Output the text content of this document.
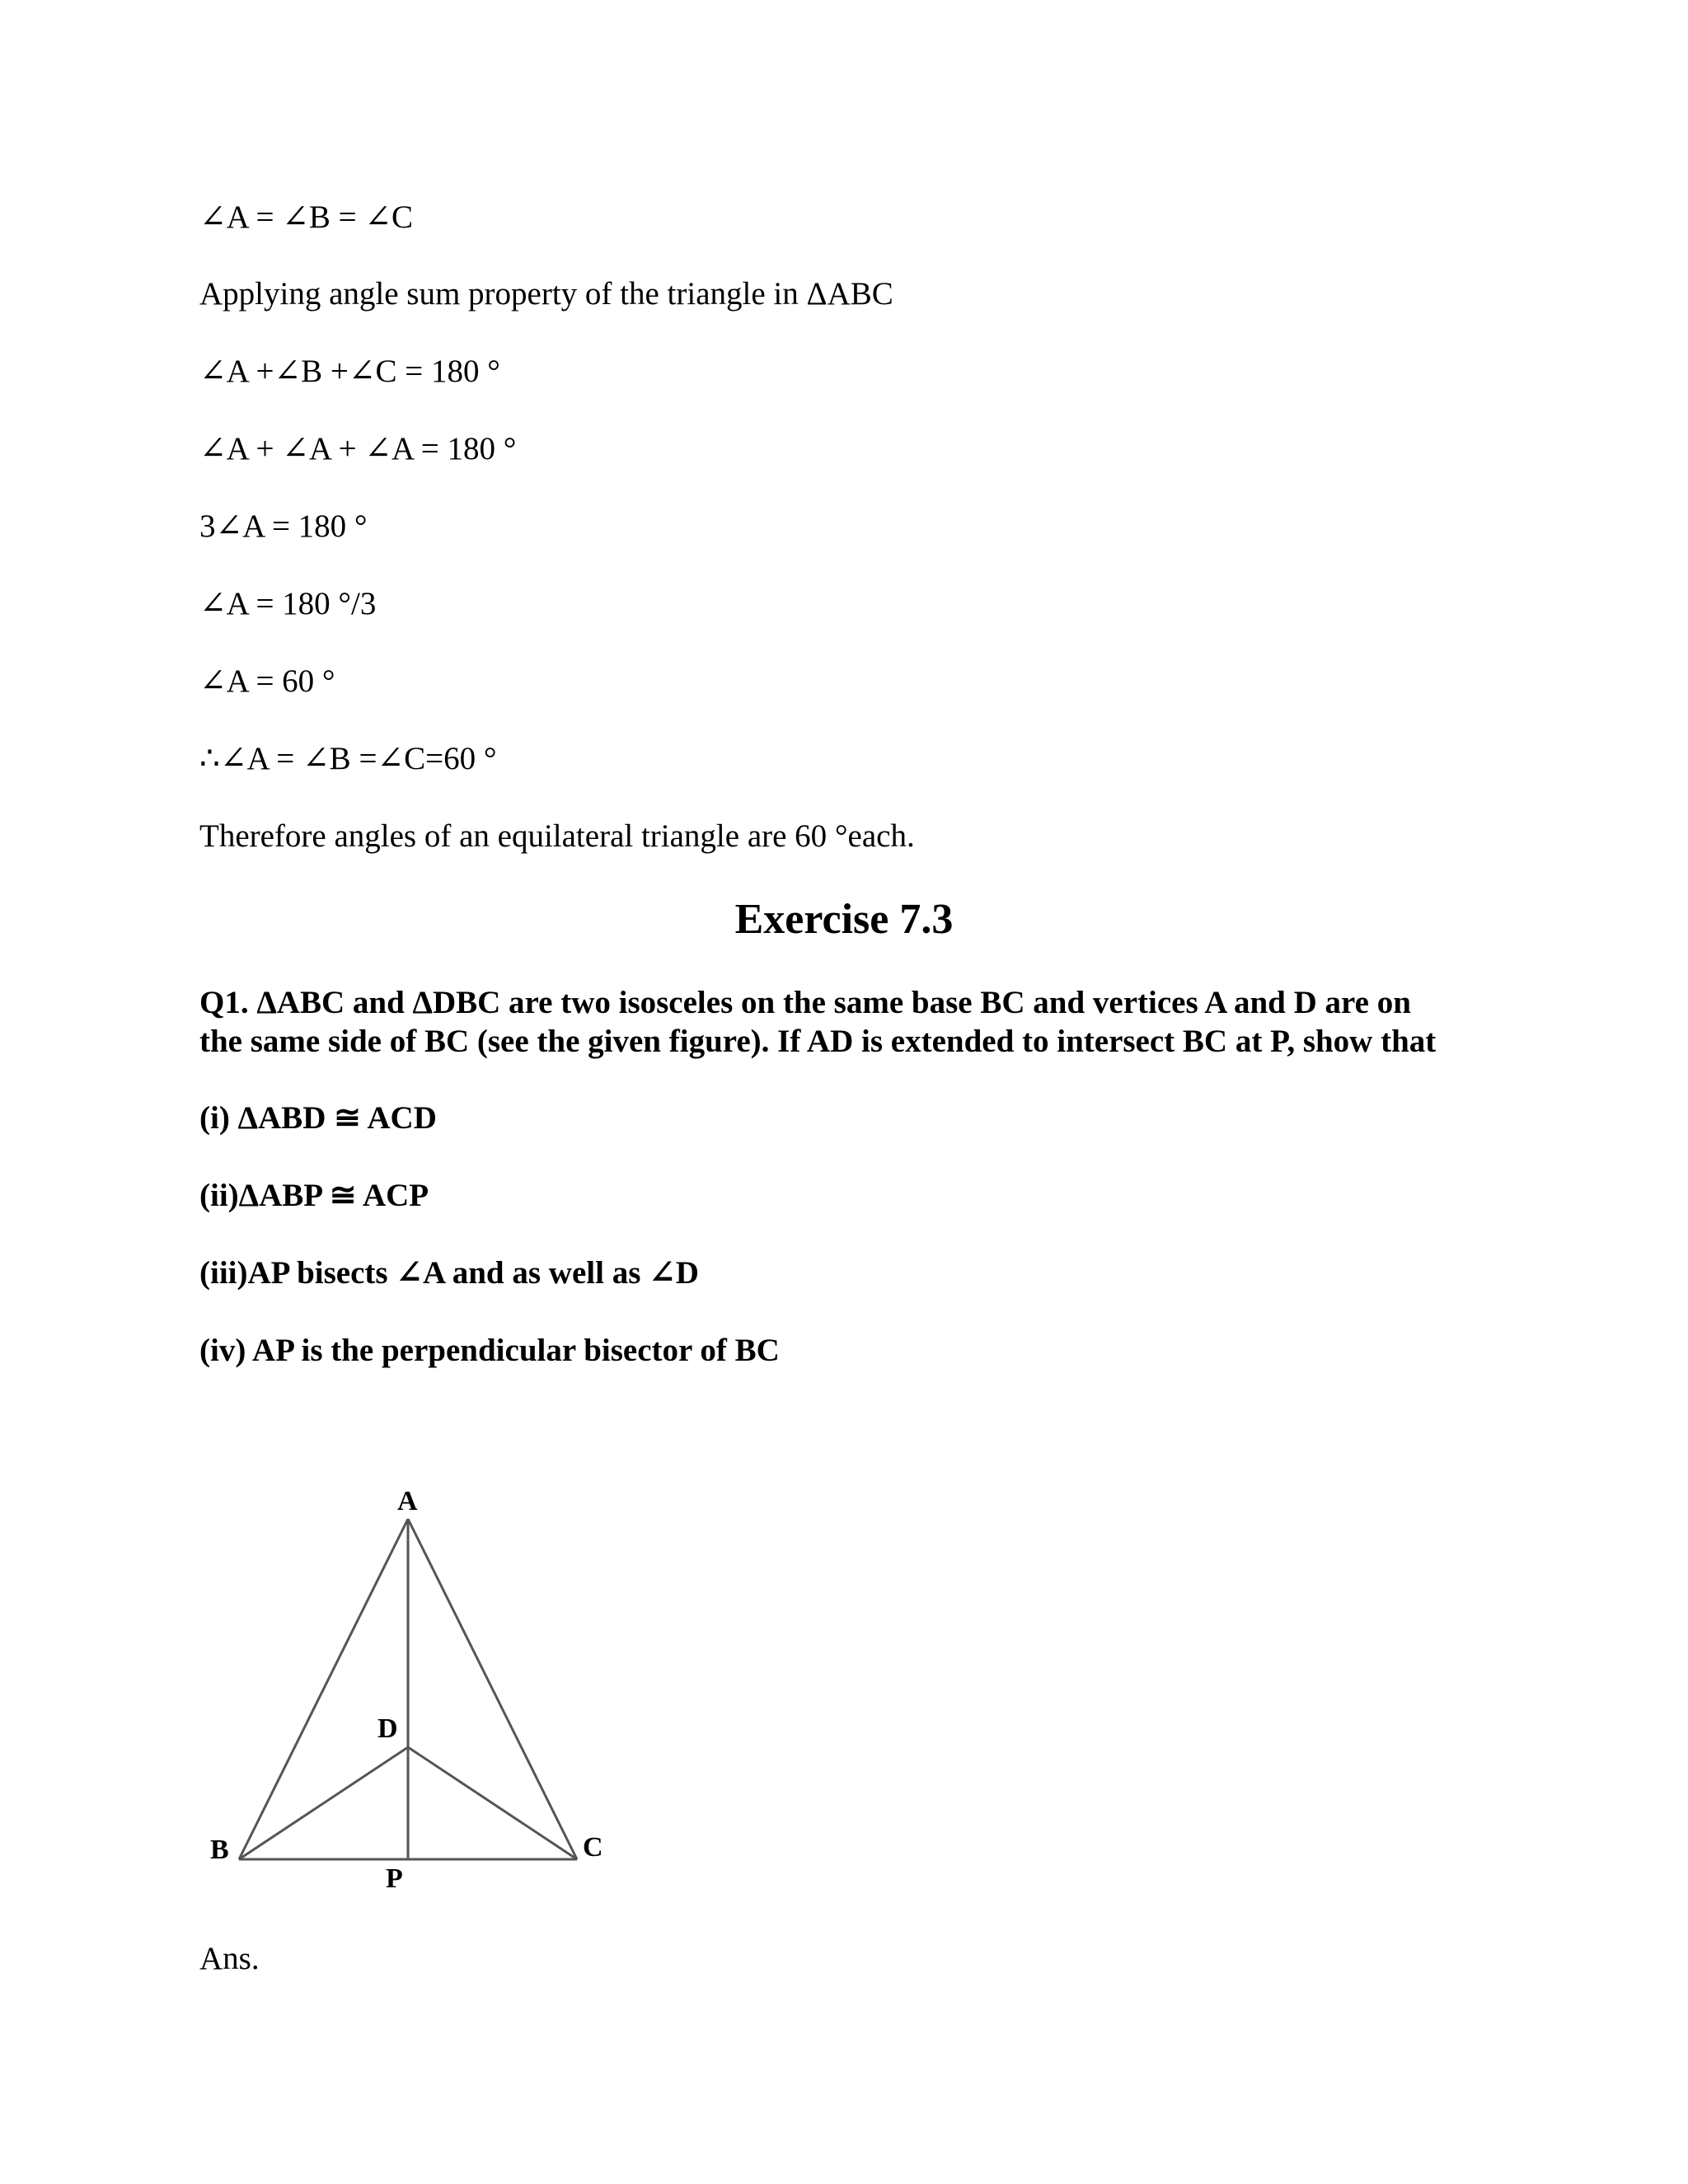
∠A = ∠B = ∠C
Applying angle sum property of the triangle in ΔABC
∠A +∠B +∠C = 180 °
∠A + ∠A + ∠A = 180 °
3∠A = 180 °
∠A = 180 °/3
∠A = 60 °
∴∠A = ∠B =∠C=60 °
Therefore angles of an equilateral triangle are 60 °each.
Exercise 7.3
Q1. ΔABC and ΔDBC are two isosceles on the same base BC and vertices A and D are on
the same side of BC (see the given figure). If AD is extended to intersect BC at P, show that
(i) ΔABD ≅ ACD
(ii)ΔABP ≅ ACP
(iii)AP bisects ∠A and as well as ∠D
(iv) AP is the perpendicular bisector of BC
A
D
B	C
P
Ans.
